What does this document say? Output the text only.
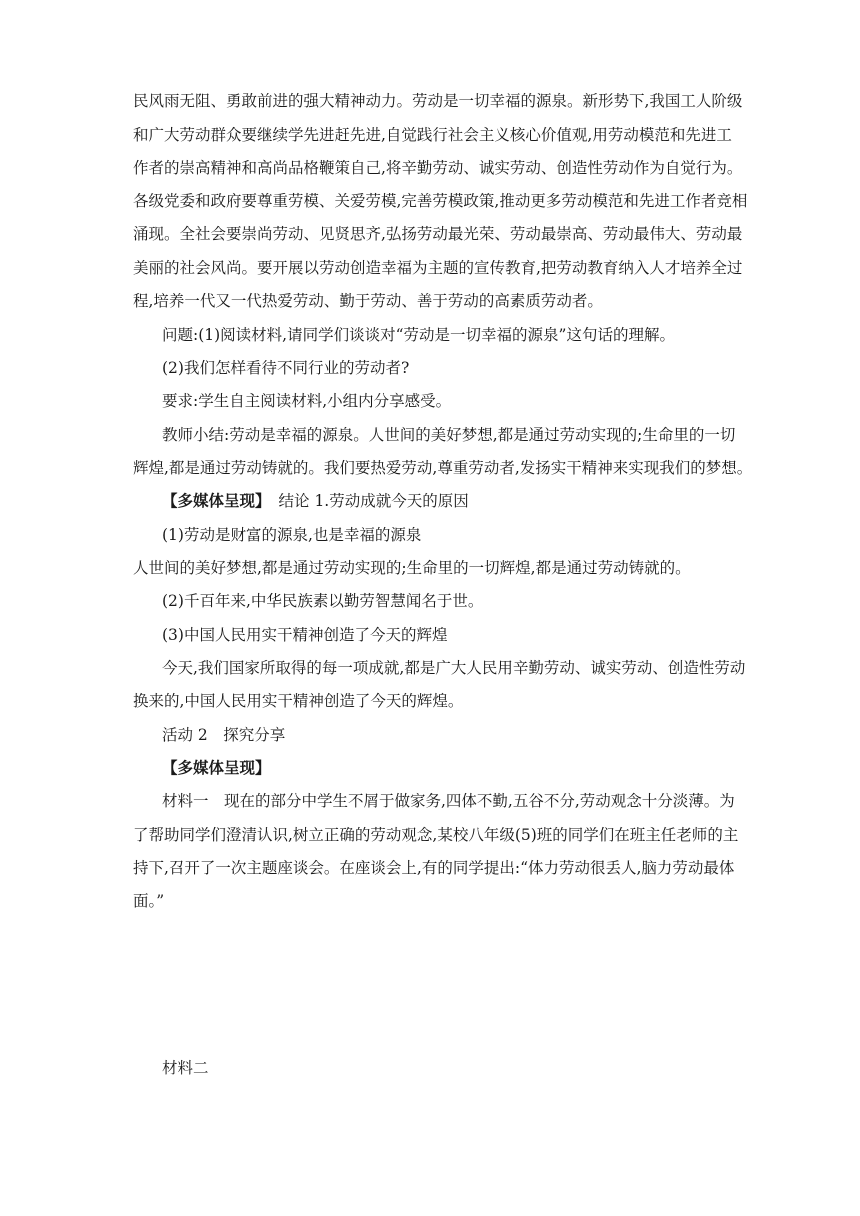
民风雨无阻、勇敢前进的强大精神动力。劳动是一切幸福的源泉。新形势下,我国工人阶级
和广大劳动群众要继续学先进赶先进,自觉践行社会主义核心价值观,用劳动模范和先进工
作者的崇高精神和高尚品格鞭策自己,将辛勤劳动、诚实劳动、创造性劳动作为自觉行为。
各级党委和政府要尊重劳模、关爱劳模,完善劳模政策,推动更多劳动模范和先进工作者竞相
涌现。全社会要崇尚劳动、见贤思齐,弘扬劳动最光荣、劳动最崇高、劳动最伟大、劳动最
美丽的社会风尚。要开展以劳动创造幸福为主题的宣传教育,把劳动教育纳入人才培养全过
程,培养一代又一代热爱劳动、勤于劳动、善于劳动的高素质劳动者。
问题:(1)阅读材料,请同学们谈谈对“劳动是一切幸福的源泉”这句话的理解。
(2)我们怎样看待不同行业的劳动者?
要求:学生自主阅读材料,小组内分享感受。
教师小结:劳动是幸福的源泉。人世间的美好梦想,都是通过劳动实现的;生命里的一切
辉煌,都是通过劳动铸就的。我们要热爱劳动,尊重劳动者,发扬实干精神来实现我们的梦想。
【多媒体呈现】 结论 1.劳动成就今天的原因
(1)劳动是财富的源泉,也是幸福的源泉
人世间的美好梦想,都是通过劳动实现的;生命里的一切辉煌,都是通过劳动铸就的。
(2)千百年来,中华民族素以勤劳智慧闻名于世。
(3)中国人民用实干精神创造了今天的辉煌
今天,我们国家所取得的每一项成就,都是广大人民用辛勤劳动、诚实劳动、创造性劳动
换来的,中国人民用实干精神创造了今天的辉煌。
活动 2　探究分享
【多媒体呈现】
材料一　现在的部分中学生不屑于做家务,四体不勤,五谷不分,劳动观念十分淡薄。为
了帮助同学们澄清认识,树立正确的劳动观念,某校八年级(5)班的同学们在班主任老师的主
持下,召开了一次主题座谈会。在座谈会上,有的同学提出:“体力劳动很丢人,脑力劳动最体
面。”
材料二
